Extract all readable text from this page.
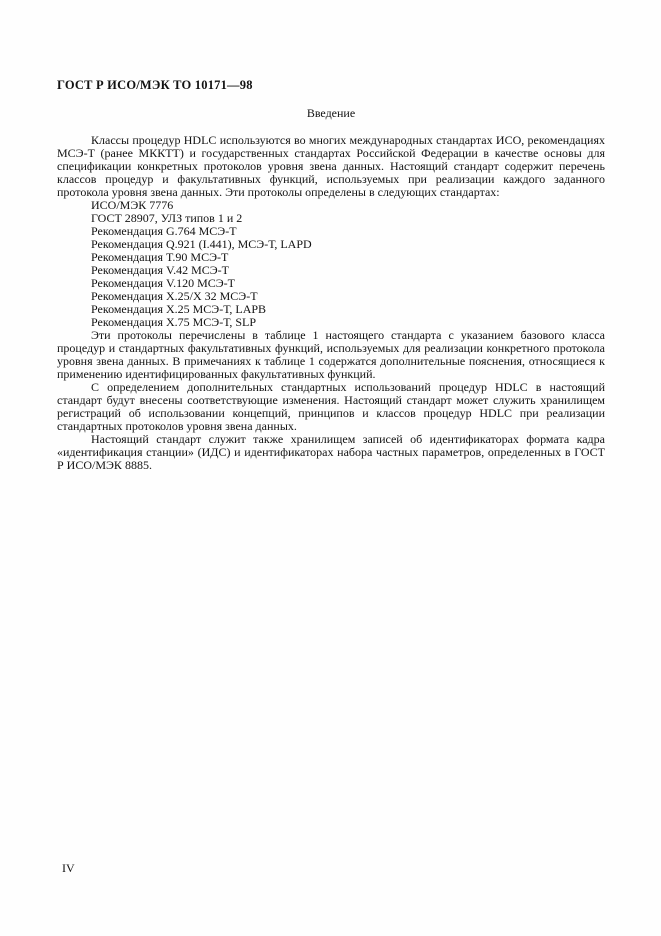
ГОСТ Р ИСО/МЭК ТО 10171—98
Введение

Классы процедур HDLC используются во многих международных стандартах ИСО, рекомендациях МСЭ-Т (ранее МККТТ) и государственных стандартах Российской Федерации в качестве основы для спецификации конкретных протоколов уровня звена данных. Настоящий стандарт содержит перечень классов процедур и факультативных функций, используемых при реализации каждого заданного протокола уровня звена данных. Эти протоколы определены в следующих стандартах:

ИСО/МЭК 7776
ГОСТ 28907, УЛЗ типов 1 и 2
Рекомендация G.764 МСЭ-Т
Рекомендация Q.921 (I.441), МСЭ-Т, LAPD
Рекомендация T.90 МСЭ-Т
Рекомендация V.42 МСЭ-Т
Рекомендация V.120 МСЭ-Т
Рекомендация X.25/X 32 МСЭ-Т
Рекомендация X.25 МСЭ-Т, LAPB
Рекомендация X.75 МСЭ-Т, SLP

Эти протоколы перечислены в таблице 1 настоящего стандарта с указанием базового класса процедур и стандартных факультативных функций, используемых для реализации конкретного протокола уровня звена данных. В примечаниях к таблице 1 содержатся дополнительные пояснения, относящиеся к применению идентифицированных факультативных функций.

С определением дополнительных стандартных использований процедур HDLC в настоящий стандарт будут внесены соответствующие изменения. Настоящий стандарт может служить хранилищем регистраций об использовании концепций, принципов и классов процедур HDLC при реализации стандартных протоколов уровня звена данных.

Настоящий стандарт служит также хранилищем записей об идентификаторах формата кадра «идентификация станции» (ИДС) и идентификаторах набора частных параметров, определенных в ГОСТ Р ИСО/МЭК 8885.

IV
